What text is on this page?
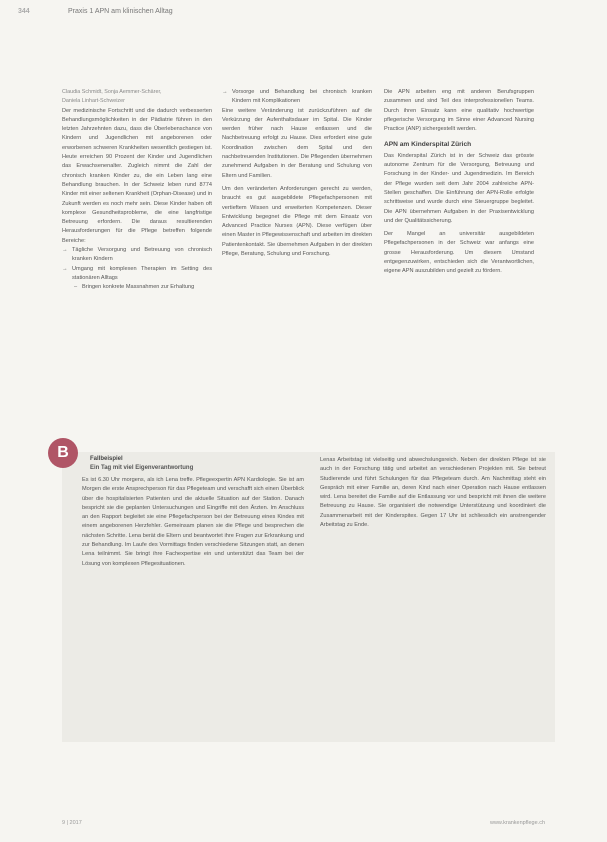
344	Praxis 1 APN am klinischen Alltag

Claudia Schmidt, Sonja Aemmer-Schärer,

Daniela Linhart-Schweizer

Der medizinische Fortschritt und die dadurch verbesserten Behandlungsmöglichkeiten in der Pädiatrie führen in den letzten Jahrzehnten dazu, dass die Überlebenschance von Kindern und Jugendlichen mit angeborenen oder erworbenen schweren Krankheiten wesentlich gestiegen ist. Heute erreichen 90 Prozent der Kinder und Jugendlichen das Erwachsenenalter. Zugleich nimmt die Zahl der chronisch kranken Kinder zu, die ein Leben lang eine Behandlung brauchen. In der Schweiz leben rund 8774 Kinder mit einer seltenen Krankheit (Orphan-Disease) und in Zukunft werden es noch mehr sein. Diese Kinder haben oft komplexe Gesundheitsprobleme, die eine langfristige Betreuung erfordern. Die daraus resultierenden Herausforderungen für die Pflege betreffen folgende Bereiche:

→ Tägliche Versorgung und Betreuung von chronisch kranken Kindern

→ Umgang mit komplexen Therapien im Setting des stationären Alltags

– Bringen konkrete Massnahmen zur Erhaltung

→ Vorsorge und Behandlung bei chronisch kranken Kindern mit Komplikationen

Eine weitere Veränderung ist zurückzuführen auf die Verkürzung der Aufenthaltsdauer im Spital. Die Kinder werden früher nach Hause entlassen und die Nachbetreuung erfolgt zu Hause. Dies erfordert eine gute Koordination zwischen dem Spital und den nachbetreuenden Institutionen. Die Pflegenden übernehmen zunehmend Aufgaben in der Beratung und Schulung von Eltern und Familien.

Um den veränderten Anforderungen gerecht zu werden, braucht es gut ausgebildete Pflegefachpersonen mit vertieftem Wissen und erweiterten Kompetenzen. Dieser Entwicklung begegnet die Pflege mit dem Einsatz von Advanced Practice Nurses (APN). Diese verfügen über einen Master in Pflegewissenschaft und arbeiten im direkten Patientenkontakt. Sie übernehmen Aufgaben in der direkten Pflege, Beratung, Schulung und Forschung.

Die APN arbeiten eng mit anderen Berufsgruppen zusammen und sind Teil des interprofessionellen Teams. Durch ihren Einsatz kann eine qualitativ hochwertige pflegerische Versorgung im Sinne einer Advanced Nursing Practice (ANP) sichergestellt werden.

APN am Kinderspital Zürich

Das Kinderspital Zürich ist in der Schweiz das grösste autonome Zentrum für die Versorgung, Betreuung und Forschung in der Kinder- und Jugendmedizin. Im Bereich der Pflege wurden seit dem Jahr 2004 zahlreiche APN-Stellen geschaffen. Die Einführung der APN-Rolle erfolgte schrittweise und wurde durch eine Steuergruppe begleitet. Die APN übernehmen Aufgaben in der Praxisentwicklung und der Qualitätssicherung.

Der Mangel an universitär ausgebildeten Pflegefachpersonen in der Schweiz war anfangs eine grosse Herausforderung. Um diesem Umstand entgegenzuwirken, entschieden sich die Verantwortlichen, eigene APN auszubilden und gezielt zu fördern.

B	Fallbeispiel
Ein Tag mit viel Eigenverantwortung
Es ist 6.30 Uhr morgens, als ich Lena treffe. Pflegeexpertin APN Kardiologie. Sie ist am Morgen die erste Ansprechperson für das Pflegeteam und verschafft sich einen Überblick über die hospitalisierten Patienten und die aktuelle Situation auf der Station. Danach bespricht sie die geplanten Untersuchungen und Eingriffe mit den Ärzten. Im Anschluss an den Rapport begleitet sie eine Pflegefachperson bei der Betreuung eines Kindes mit einem angeborenen Herzfehler. Gemeinsam planen sie die Pflege und besprechen die nächsten Schritte. Lena berät die Eltern und beantwortet ihre Fragen zur Erkrankung und zur Behandlung. Im Laufe des Vormittags finden verschiedene Sitzungen statt, an denen Lena teilnimmt. Sie bringt ihre Fachexpertise ein und unterstützt das Team bei der Lösung von komplexen Pflegesituationen.
Lenas Arbeitstag ist vielseitig und abwechslungsreich. Neben der direkten Pflege ist sie auch in der Forschung tätig und arbeitet an verschiedenen Projekten mit. Sie betreut Studierende und führt Schulungen für das Pflegeteam durch. Am Nachmittag steht ein Gespräch mit einer Familie an, deren Kind nach einer Operation nach Hause entlassen wird. Lena bereitet die Familie auf die Entlassung vor und bespricht mit ihnen die weitere Betreuung zu Hause. Sie organisiert die notwendige Unterstützung und koordiniert die Zusammenarbeit mit der Kinderspitex. Gegen 17 Uhr ist schliesslich ein anstrengender Arbeitstag zu Ende.
9 | 2017	www.krankenpflege.ch
